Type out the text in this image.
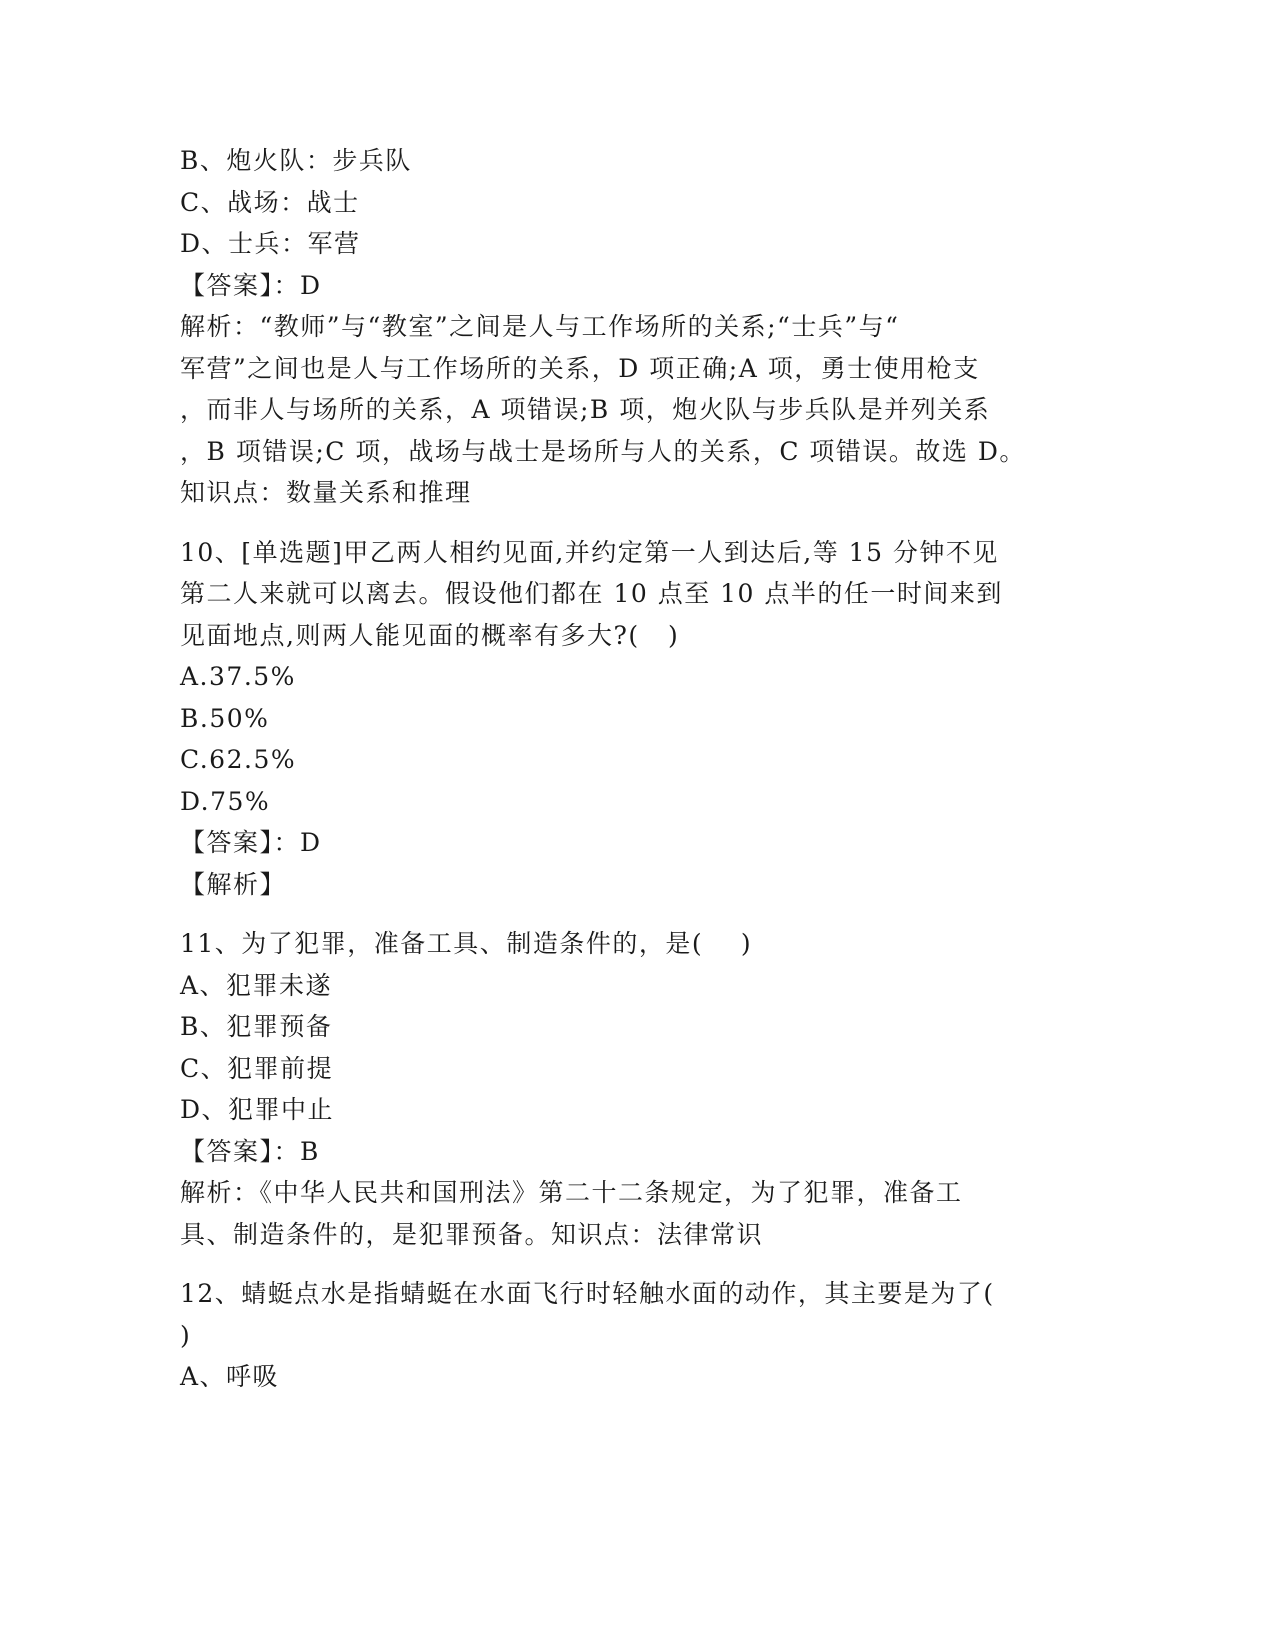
B、炮火队：步兵队
C、战场：战士
D、士兵：军营
【答案】：D
解析：“教师”与“教室”之间是人与工作场所的关系;“士兵”与“
军营”之间也是人与工作场所的关系，D 项正确;A 项，勇士使用枪支
，而非人与场所的关系，A 项错误;B 项，炮火队与步兵队是并列关系
，B 项错误;C 项，战场与战士是场所与人的关系，C 项错误。故选 D。
知识点：数量关系和推理
10、[单选题]甲乙两人相约见面,并约定第一人到达后,等 15 分钟不见
第二人来就可以离去。假设他们都在 10 点至 10 点半的任一时间来到
见面地点,则两人能见面的概率有多大?(   )
A.37.5%
B.50%
C.62.5%
D.75%
【答案】：D
【解析】
11、为了犯罪，准备工具、制造条件的，是(    )
A、犯罪未遂
B、犯罪预备
C、犯罪前提
D、犯罪中止
【答案】：B
解析：《中华人民共和国刑法》第二十二条规定，为了犯罪，准备工
具、制造条件的，是犯罪预备。知识点：法律常识
12、蜻蜓点水是指蜻蜓在水面飞行时轻触水面的动作，其主要是为了(
)
A、呼吸
